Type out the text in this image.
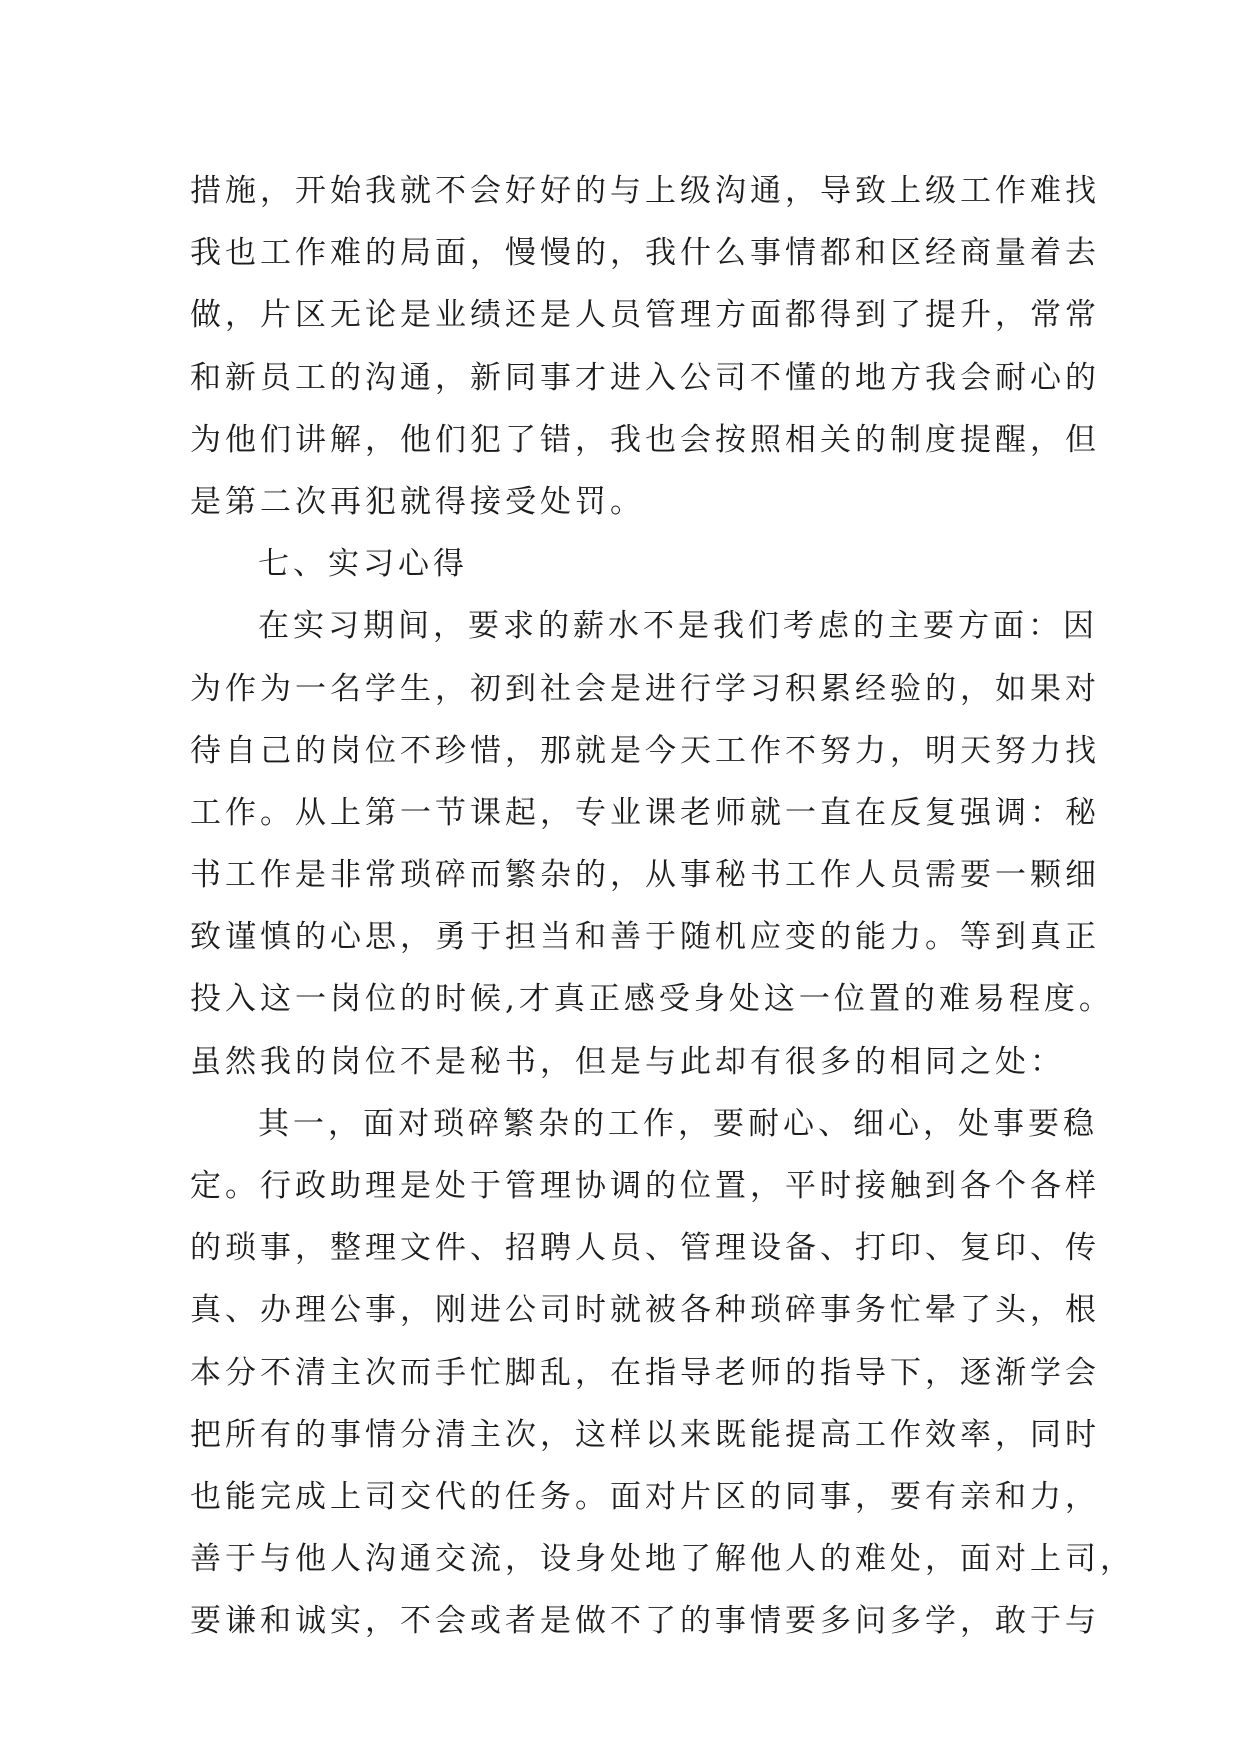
措施，开始我就不会好好的与上级沟通，导致上级工作难找
我也工作难的局面，慢慢的，我什么事情都和区经商量着去
做，片区无论是业绩还是人员管理方面都得到了提升，常常
和新员工的沟通，新同事才进入公司不懂的地方我会耐心的
为他们讲解，他们犯了错，我也会按照相关的制度提醒，但
是第二次再犯就得接受处罚。
七、实习心得
在实习期间，要求的薪水不是我们考虑的主要方面：因
为作为一名学生，初到社会是进行学习积累经验的，如果对
待自己的岗位不珍惜，那就是今天工作不努力，明天努力找
工作。从上第一节课起，专业课老师就一直在反复强调：秘
书工作是非常琐碎而繁杂的，从事秘书工作人员需要一颗细
致谨慎的心思，勇于担当和善于随机应变的能力。等到真正
投入这一岗位的时候,才真正感受身处这一位置的难易程度。
虽然我的岗位不是秘书，但是与此却有很多的相同之处：
其一，面对琐碎繁杂的工作，要耐心、细心，处事要稳
定。行政助理是处于管理协调的位置，平时接触到各个各样
的琐事，整理文件、招聘人员、管理设备、打印、复印、传
真、办理公事，刚进公司时就被各种琐碎事务忙晕了头，根
本分不清主次而手忙脚乱，在指导老师的指导下，逐渐学会
把所有的事情分清主次，这样以来既能提高工作效率，同时
也能完成上司交代的任务。面对片区的同事，要有亲和力，
善于与他人沟通交流，设身处地了解他人的难处，面对上司，
要谦和诚实，不会或者是做不了的事情要多问多学，敢于与
